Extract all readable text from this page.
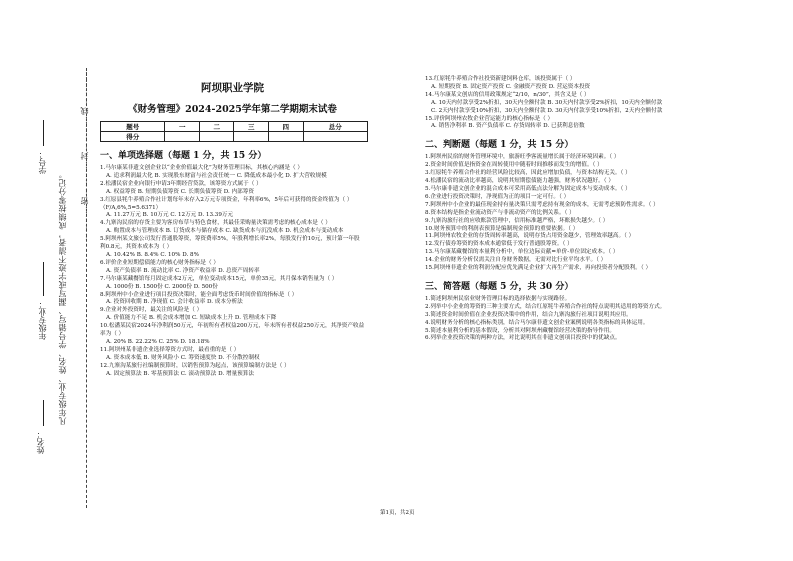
姓名：
年级专业：
学号：
凡年级专业、姓名、学号错写、漏写或字迹不清者，成绩按零分记。
…………密…………封…………线…………	阿坝职业学院

《财务管理》2024-2025学年第二学期期末试卷

题号	一	二	三	四	总分
得分					
一、单项选择题（每题 1 分，共 15 分）

1.马尔康某非遗文创企业以“企业价值最大化”为财务管理目标，其核心内涵是（ ）
A. 追求利润最大化 B. 实现股东财富与社会责任统一 C. 降低成本最小化 D. 扩大营收规模

2.松潘民宿企业向银行申请3年期经营贷款，该筹资方式属于（ ）
A. 权益筹资 B. 短期负债筹资 C. 长期负债筹资 D. 内部筹资

3.红原县牦牛养殖合作社计划每年末存入2万元专项资金，年利率6%，5年后可获得的资金终值为（ ）（F/A,6%,5=5.6371）
A. 11.27万元 B. 10万元 C. 12万元 D. 13.39万元

4.九寨沟民宿的存货主要为客房布草与特色食材，其最佳采购量决策需考虑的核心成本是（ ）
A. 购置成本与管理成本 B. 订货成本与储存成本 C. 缺货成本与沉没成本 D. 机会成本与变动成本

5.阿坝州某文旅公司发行普通股筹资，筹资费率5%，年股利增长率2%，每股发行价10元，预计第一年股利0.8元，其资本成本为（ ）
A. 10.42% B. 8.4% C. 10% D. 8%

6.评价企业短期偿债能力的核心财务指标是（ ）
A. 资产负债率 B. 流动比率 C. 净资产收益率 D. 总资产周转率

7.马尔康某藏餐馆每月固定成本2万元，单位变动成本15元，单价35元，其月保本销售量为（ ）
A. 1000份 B. 1500份 C. 2000份 D. 500份

8.阿坝州中小企业进行项目投资决策时，能全面考虑货币时间价值的指标是（ ）
A. 投资回收期 B. 净现值 C. 会计收益率 D. 成本分析法

9.企业对外投资时，最关注的风险是（ ）
A. 价值能力不足 B. 机会成本增加 C. 短缺成本上升 D. 管理成本下降

10.松潘某民宿2024年净利润50万元，年初所有者权益200万元，年末所有者权益250万元，其净资产收益率为（ ）
A. 20% B. 22.22% C. 25% D. 18.18%

11.阿坝州某非遗企业选择筹资方式时，最看重的是（ ）
A. 资本成本低 B. 财务风险小 C. 筹资速度快 D. 不分散控制权

12.九寨沟某旅行社编制预算时，以销售预算为起点，该预算编制方法是（ ）
A. 固定预算法 B. 零基预算法 C. 滚动预算法 D. 增量预算法

13.红原牦牛养殖合作社投资新建饲料仓库，该投资属于（ ）
A. 短期投资 B. 固定资产投资 C. 金融资产投资 D. 营运资本投资

14.马尔康某文创店的信用政策规定“2/10，n/30”，其含义是（ ）
A. 10天内付款享受2%折扣，30天内全额付款 B. 30天内付款享受2%折扣，10天内全额付款
C. 2天内付款享受10%折扣，30天内全额付款 D. 30天内付款享受10%折扣，2天内全额付款

15.评价阿坝州农牧企业营运能力的核心指标是（ ）
A. 销售净利率 B. 资产负债率 C. 存货周转率 D. 已获利息倍数

二、判断题（每题 1 分，共 15 分）

1.阿坝州民宿的财务管理环境中，旅游旺季客流量增长属于经济环境因素。（ ）

2.资金时间价值是指资金在周转使用中随着时间推移而发生的增值。（ ）

3.红原牦牛养殖合作社的经营风险比较高，因此应增加负债，与资本结构无关。（ ）

4.松潘民宿的流动比率越高，说明其短期偿债能力越强，财务状况越好。（ ）

5.马尔康非遗文创企业的混合成本可采用高低点法分解为固定成本与变动成本。（ ）

6.企业进行投资决策时，净现值为正的项目一定可行。（ ）

7.阿坝州中小企业的最佳现金持有量决策只需考虑持有现金的成本，无需考虑预防性需求。（ ）

8.资本结构是指企业流动资产与非流动资产的比例关系。（ ）

9.九寨沟旅行社的应收账款管理中，信用标准越严格，坏账损失越少。（ ）

10.财务预算中的利润表预算是编制现金预算的重要依据。（ ）

11.阿坝州农牧企业的存货周转率越高，说明存货占用资金越少，管理效率越高。（ ）

12.发行债券筹资的资本成本通常低于发行普通股筹资。（ ）

13.马尔康某藏餐馆的本量利分析中，单位边际贡献=单价-单位固定成本。（ ）

14.企业的财务分析仅需关注自身财务数据，无需对比行业平均水平。（ ）

15.阿坝州非遗企业的利润分配应优先满足企业扩大再生产需求，再向投资者分配股利。（ ）

三、简答题（每题 5 分，共 30 分）

1.简述阿坝州民宿业财务管理目标的选择依据与实现路径。

2.列举中小企业的筹资的三种主要方式，结合红原牦牛养殖合作社的特点说明其适用的筹资方式。

3.简述资金时间价值在企业投资决策中的作用，结合九寨沟旅行社项目说明其应用。

4.说明财务分析的核心指标类别，结合马尔康非遗文创企业案例说明各类指标的具体运用。

5.简述本量利分析的基本假设，分析其对阿坝州藏餐馆经营决策的指导作用。

6.列举企业投资决策的两种方法，对比说明其在非遗文创项目投资中的优缺点。

第1页，共2页
